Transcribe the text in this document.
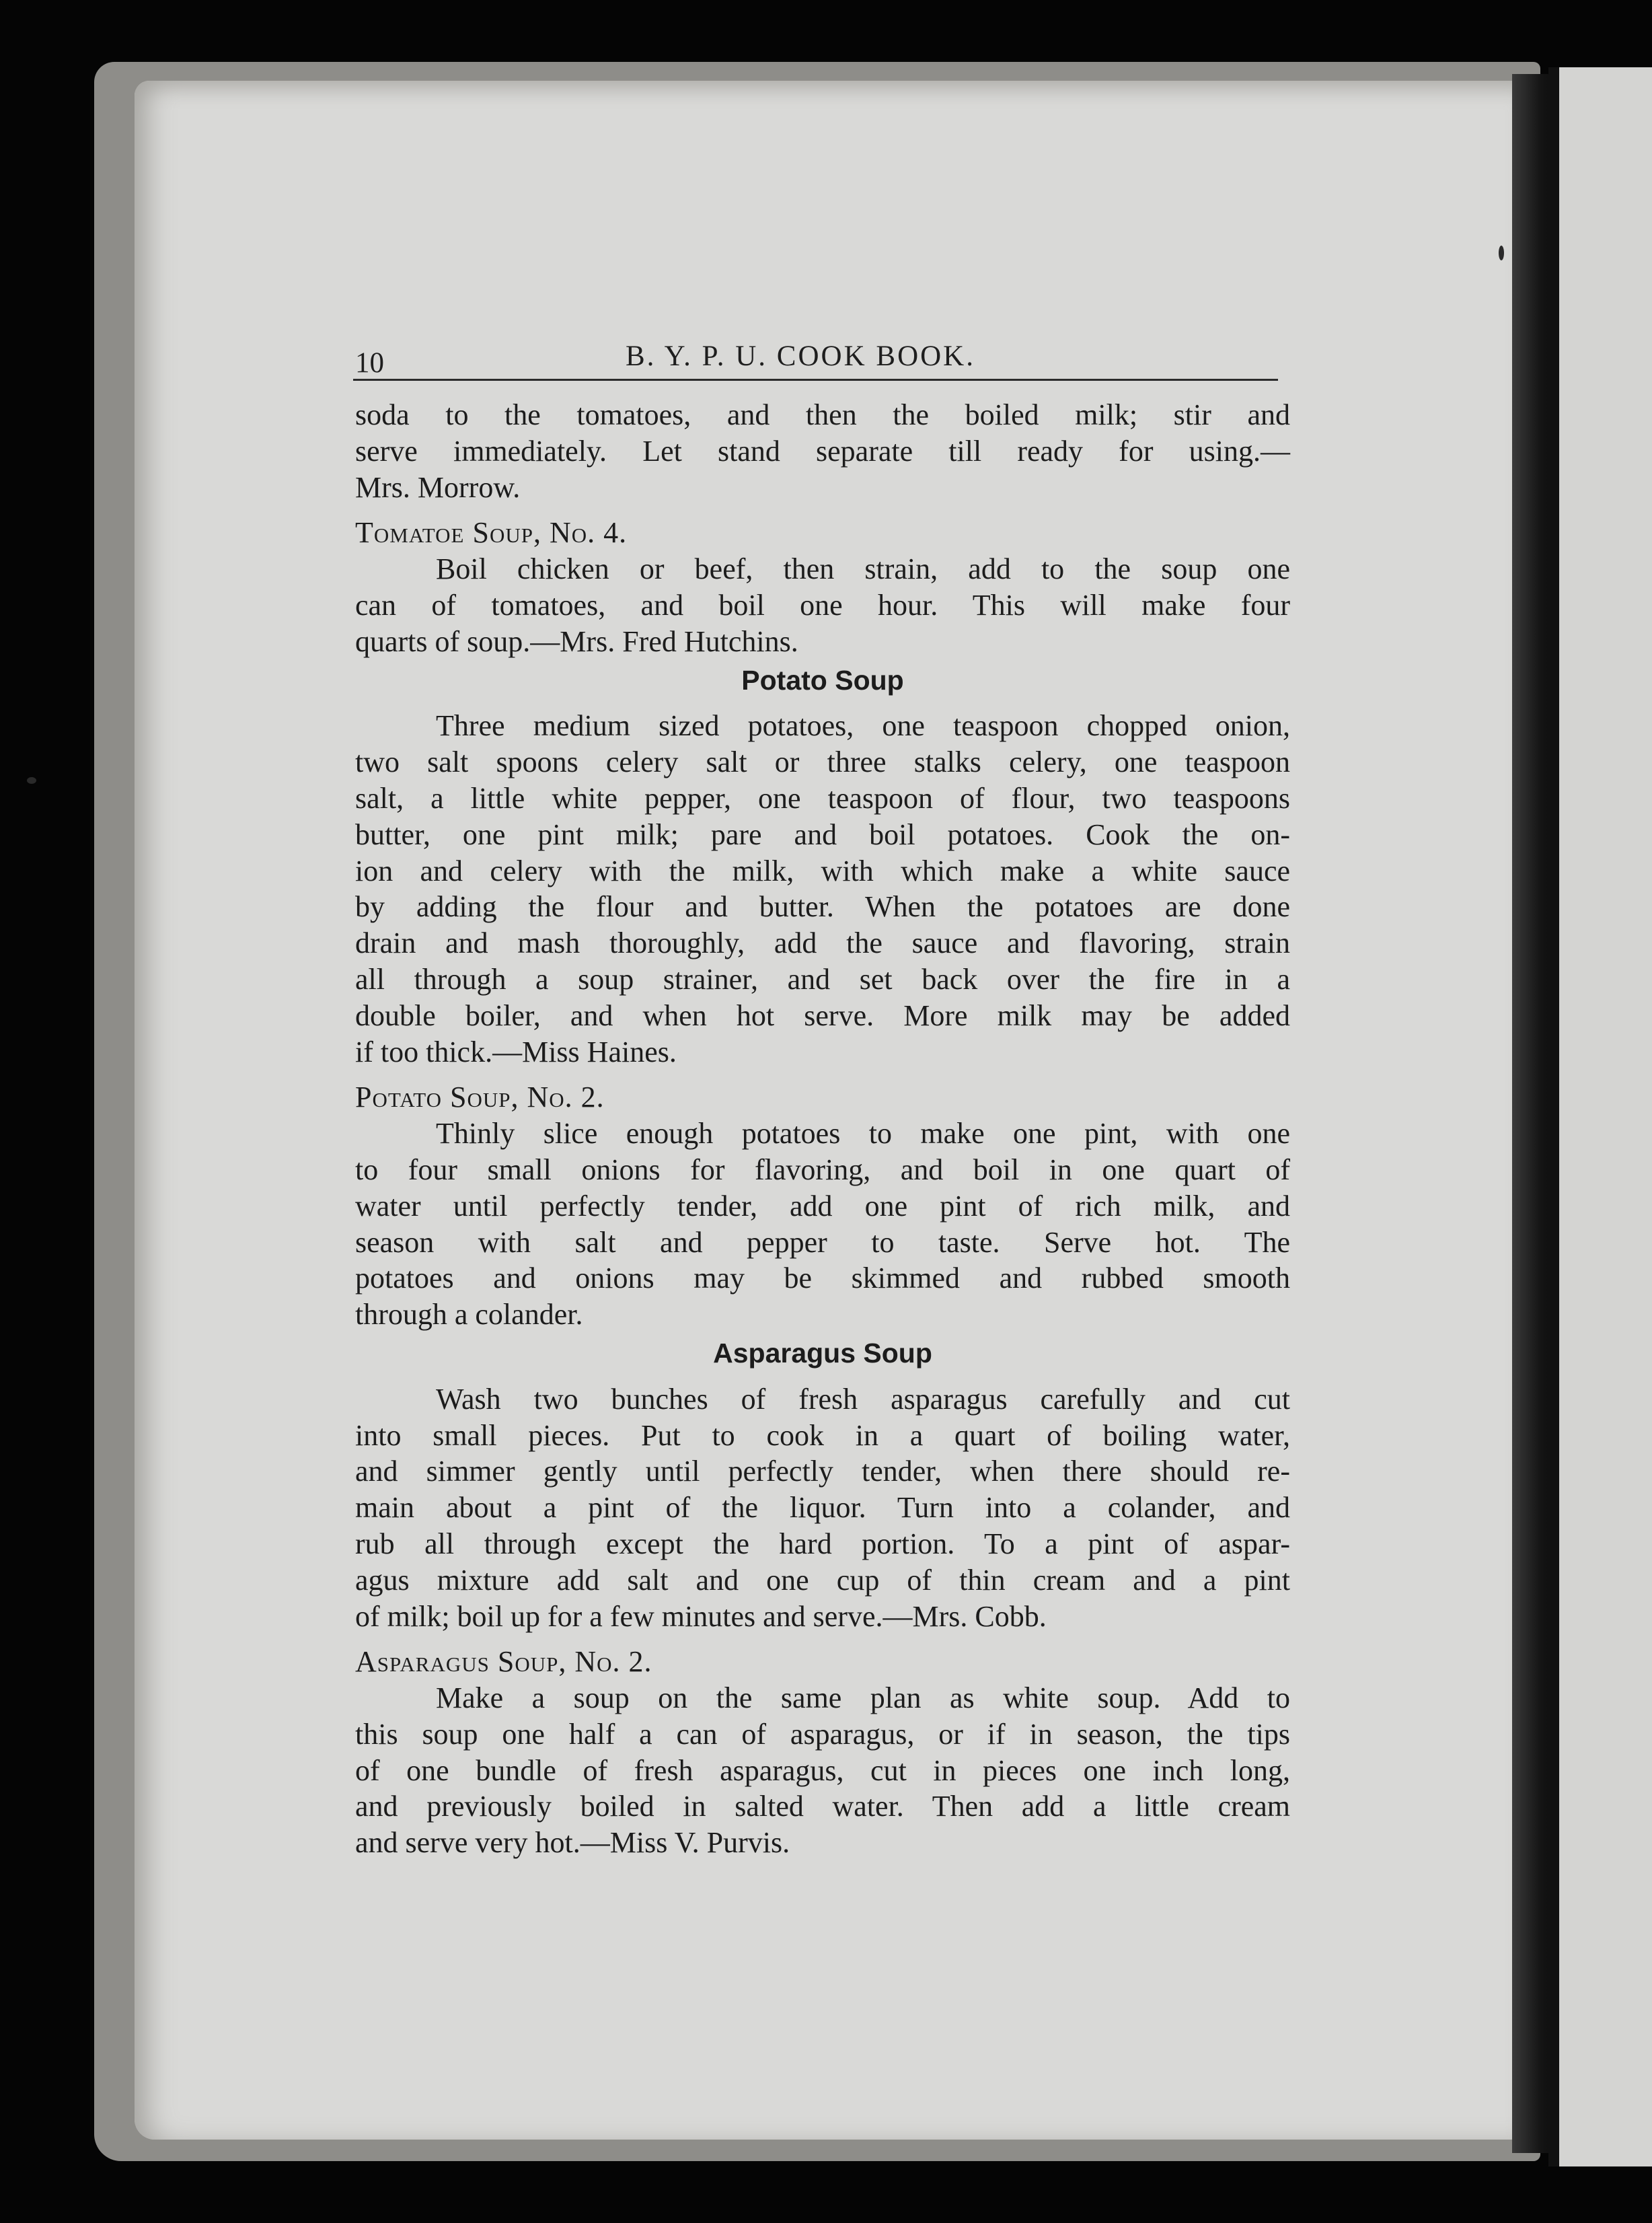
10	B. Y. P. U. COOK BOOK.
soda to the tomatoes, and then the boiled milk; stir and
serve immediately. Let stand separate till ready for using.—
Mrs. Morrow.
Tomatoe Soup, No. 4.
Boil chicken or beef, then strain, add to the soup one
can of tomatoes, and boil one hour. This will make four
quarts of soup.—Mrs. Fred Hutchins.
Potato Soup
Three medium sized potatoes, one teaspoon chopped onion,
two salt spoons celery salt or three stalks celery, one teaspoon
salt, a little white pepper, one teaspoon of flour, two teaspoons
butter, one pint milk; pare and boil potatoes. Cook the on-
ion and celery with the milk, with which make a white sauce
by adding the flour and butter. When the potatoes are done
drain and mash thoroughly, add the sauce and flavoring, strain
all through a soup strainer, and set back over the fire in a
double boiler, and when hot serve. More milk may be added
if too thick.—Miss Haines.
Potato Soup, No. 2.
Thinly slice enough potatoes to make one pint, with one
to four small onions for flavoring, and boil in one quart of
water until perfectly tender, add one pint of rich milk, and
season with salt and pepper to taste. Serve hot. The
potatoes and onions may be skimmed and rubbed smooth
through a colander.
Asparagus Soup
Wash two bunches of fresh asparagus carefully and cut
into small pieces. Put to cook in a quart of boiling water,
and simmer gently until perfectly tender, when there should re-
main about a pint of the liquor. Turn into a colander, and
rub all through except the hard portion. To a pint of aspar-
agus mixture add salt and one cup of thin cream and a pint
of milk; boil up for a few minutes and serve.—Mrs. Cobb.
Asparagus Soup, No. 2.
Make a soup on the same plan as white soup. Add to
this soup one half a can of asparagus, or if in season, the tips
of one bundle of fresh asparagus, cut in pieces one inch long,
and previously boiled in salted water. Then add a little cream
and serve very hot.—Miss V. Purvis.
